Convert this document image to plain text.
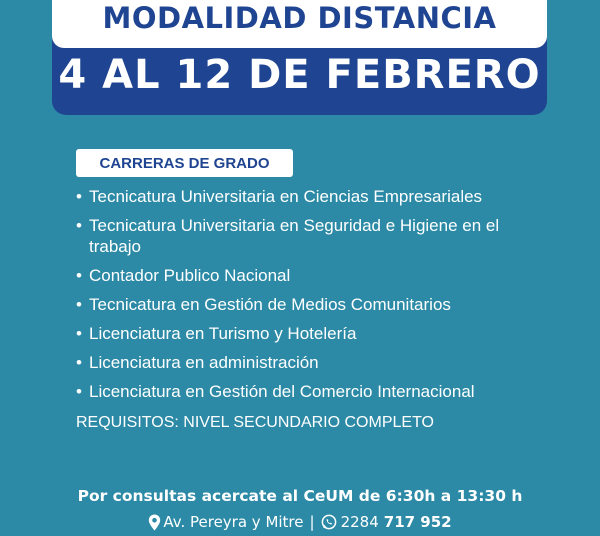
MODALIDAD DISTANCIA
4 AL 12 DE FEBRERO
CARRERAS DE GRADO
• Tecnicatura Universitaria en Ciencias Empresariales
• Tecnicatura Universitaria en Seguridad e Higiene en el trabajo
• Contador Publico Nacional
• Tecnicatura en Gestión de Medios Comunitarios
• Licenciatura en Turismo y Hotelería
• Licenciatura en administración
• Licenciatura en Gestión del Comercio Internacional
REQUISITOS: NIVEL SECUNDARIO COMPLETO
Por consultas acercate al CeUM de 6:30h a 13:30 h
Av. Pereyra y Mitre | 2284 717 952
